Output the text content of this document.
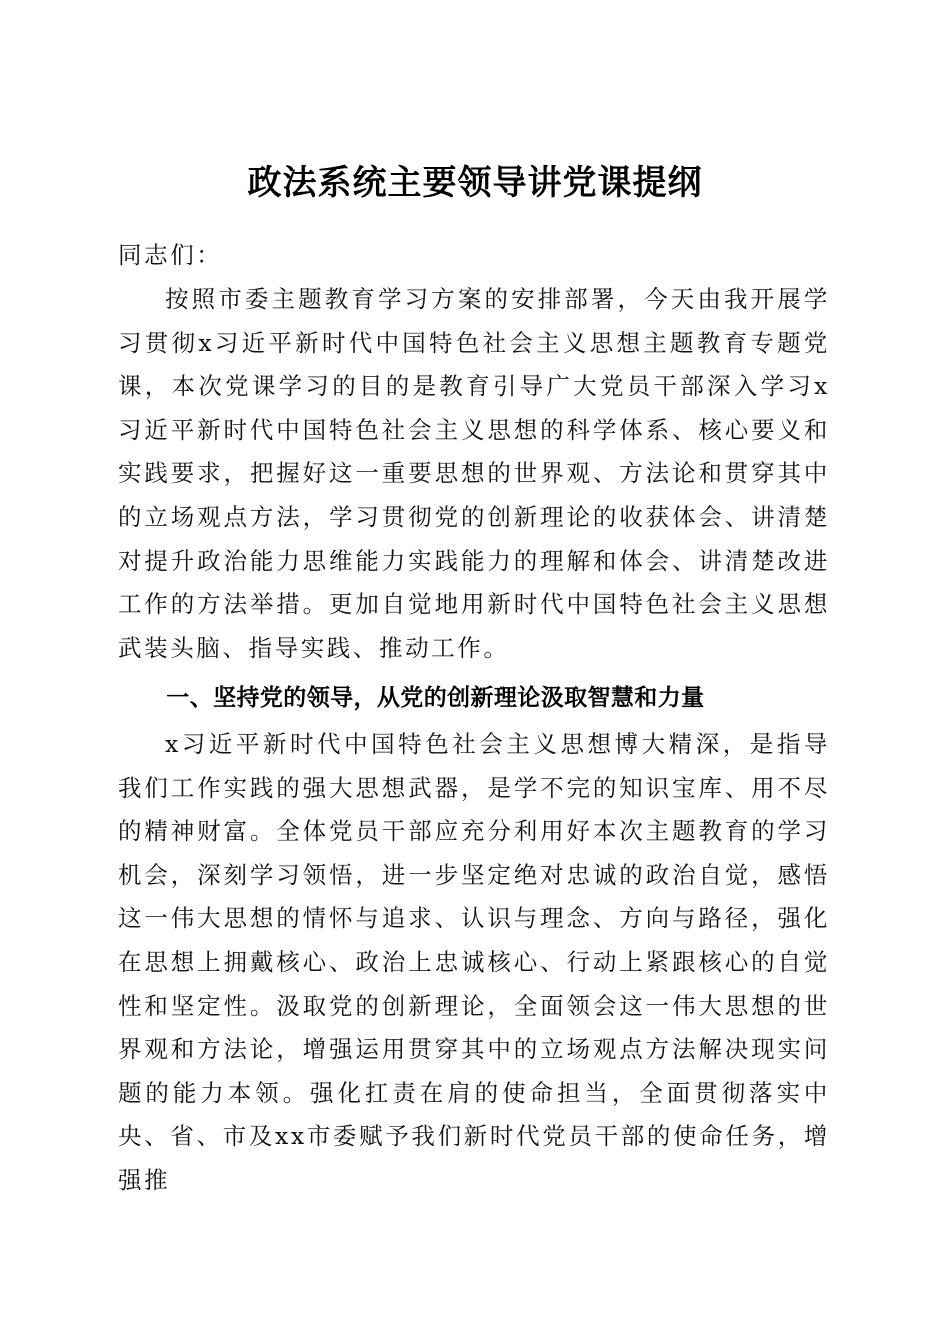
政法系统主要领导讲党课提纲

同志们：

按照市委主题教育学习方案的安排部署，今天由我开展学习贯彻x习近平新时代中国特色社会主义思想主题教育专题党课，本次党课学习的目的是教育引导广大党员干部深入学习x习近平新时代中国特色社会主义思想的科学体系、核心要义和实践要求，把握好这一重要思想的世界观、方法论和贯穿其中的立场观点方法，学习贯彻党的创新理论的收获体会、讲清楚对提升政治能力思维能力实践能力的理解和体会、讲清楚改进工作的方法举措。更加自觉地用新时代中国特色社会主义思想武装头脑、指导实践、推动工作。

一、坚持党的领导，从党的创新理论汲取智慧和力量

x习近平新时代中国特色社会主义思想博大精深，是指导我们工作实践的强大思想武器，是学不完的知识宝库、用不尽的精神财富。全体党员干部应充分利用好本次主题教育的学习机会，深刻学习领悟，进一步坚定绝对忠诚的政治自觉，感悟这一伟大思想的情怀与追求、认识与理念、方向与路径，强化在思想上拥戴核心、政治上忠诚核心、行动上紧跟核心的自觉性和坚定性。汲取党的创新理论，全面领会这一伟大思想的世界观和方法论，增强运用贯穿其中的立场观点方法解决现实问题的能力本领。强化扛责在肩的使命担当，全面贯彻落实中央、省、市及xx市委赋予我们新时代党员干部的使命任务，增强推
